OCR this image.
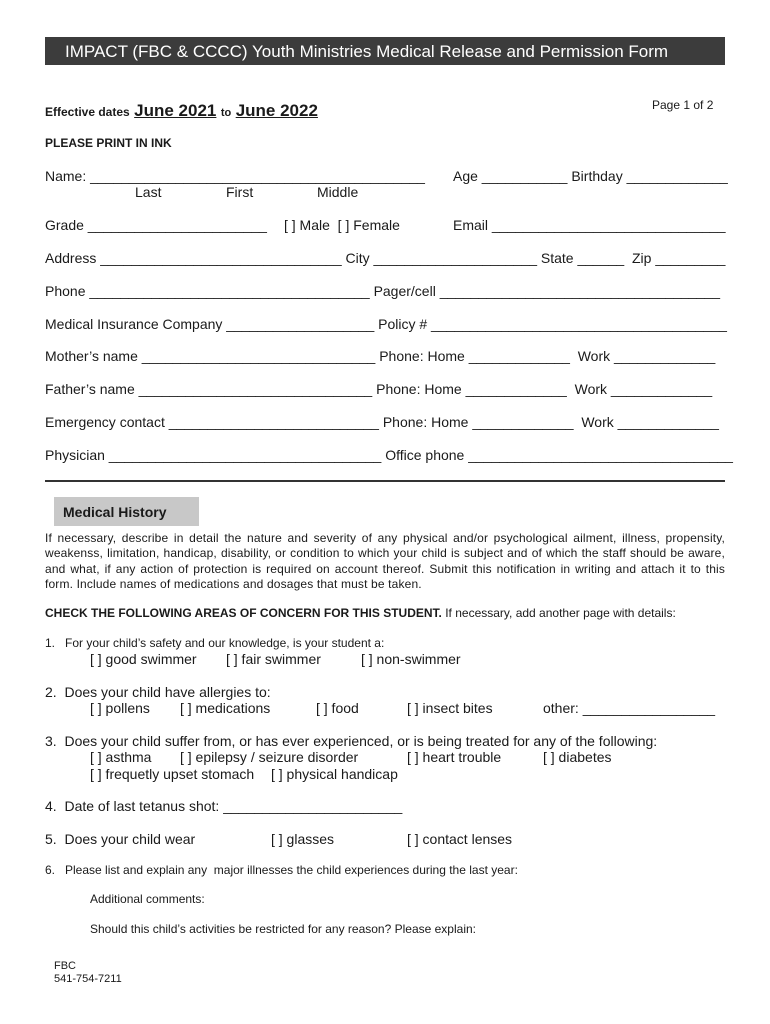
IMPACT (FBC & CCCC) Youth Ministries Medical Release and Permission Form
Page 1 of 2
Effective dates June 2021 to June 2022
PLEASE PRINT IN INK
Name: ___________________________________________ Age ___________ Birthday _____________
Last	First	Middle
Grade _______________________ [ ] Male  [ ] Female	Email ______________________________
Address _______________________________ City _____________________ State ______  Zip _________
Phone ____________________________________ Pager/cell ____________________________________
Medical Insurance Company ___________________ Policy # ______________________________________
Mother’s name ______________________________ Phone: Home _____________  Work _____________
Father’s name ______________________________ Phone: Home _____________  Work _____________
Emergency contact ___________________________ Phone: Home _____________  Work _____________
Physician ___________________________________ Office phone __________________________________
Medical History
If necessary, describe in detail the nature and severity of any physical and/or psychological ailment, illness, propensity, weakenss, limitation, handicap, disability, or condition to which your child is subject and of which the staff should be aware, and what, if any action of protection is required on account thereof. Submit this notification in writing and attach it to this form. Include names of medications and dosages that must be taken.
CHECK THE FOLLOWING AREAS OF CONCERN FOR THIS STUDENT. If necessary, add another page with details:
1.   For your child’s safety and our knowledge, is your student a:
[ ] good swimmer [ ] fair swimmer	[ ] non-swimmer
2.  Does your child have allergies to:
[ ] pollens [ ] medications	[ ] food	[ ] insect bites	other: _________________
3.  Does your child suffer from, or has ever experienced, or is being treated for any of the following:
[ ] asthma [ ] epilepsy / seizure disorder	[ ] heart trouble	[ ] diabetes
[ ] frequetly upset stomach [ ] physical handicap
4.  Date of last tetanus shot: _______________________
5.  Does your child wear	[ ] glasses	[ ] contact lenses
6.   Please list and explain any  major illnesses the child experiences during the last year:
Additional comments:
Should this child’s activities be restricted for any reason? Please explain:
FBC
541-754-7211
